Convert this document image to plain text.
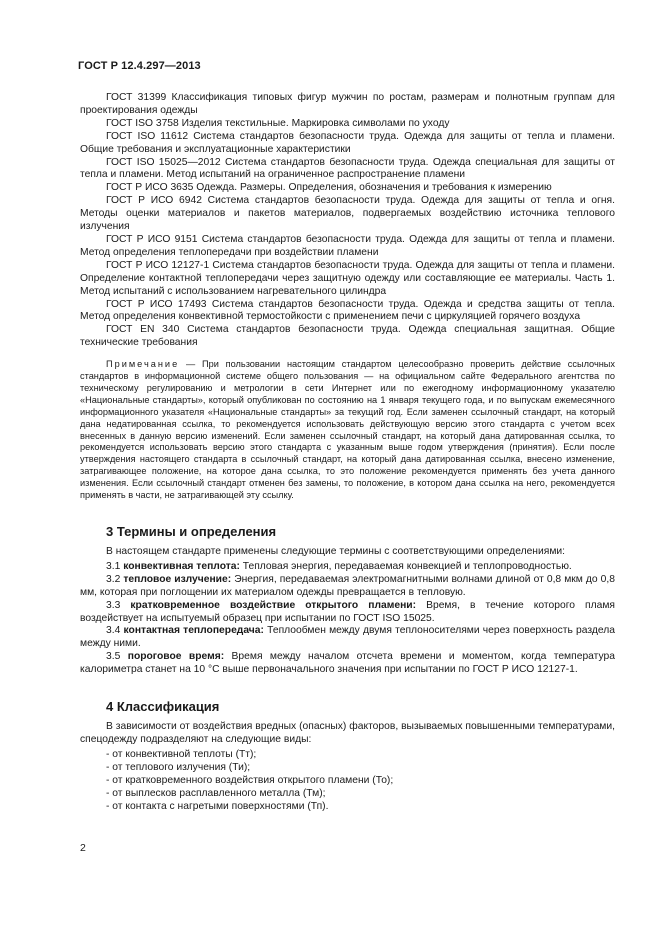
ГОСТ Р 12.4.297—2013

ГОСТ 31399 Классификация типовых фигур мужчин по ростам, размерам и полнотным группам для проектирования одежды

ГОСТ ISO 3758 Изделия текстильные. Маркировка символами по уходу

ГОСТ ISO 11612 Система стандартов безопасности труда. Одежда для защиты от тепла и пламени. Общие требования и эксплуатационные характеристики

ГОСТ ISO 15025—2012 Система стандартов безопасности труда. Одежда специальная для защиты от тепла и пламени. Метод испытаний на ограниченное распространение пламени

ГОСТ Р ИСО 3635 Одежда. Размеры. Определения, обозначения и требования к измерению

ГОСТ Р ИСО 6942 Система стандартов безопасности труда. Одежда для защиты от тепла и огня. Методы оценки материалов и пакетов материалов, подвергаемых воздействию источника теплового излучения

ГОСТ Р ИСО 9151 Система стандартов безопасности труда. Одежда для защиты от тепла и пламени. Метод определения теплопередачи при воздействии пламени

ГОСТ Р ИСО 12127-1 Система стандартов безопасности труда. Одежда для защиты от тепла и пламени. Определение контактной теплопередачи через защитную одежду или составляющие ее материалы. Часть 1. Метод испытаний с использованием нагревательного цилиндра

ГОСТ Р ИСО 17493 Система стандартов безопасности труда. Одежда и средства защиты от тепла. Метод определения конвективной термостойкости с применением печи с циркуляцией горячего воздуха

ГОСТ EN 340 Система стандартов безопасности труда. Одежда специальная защитная. Общие технические требования

Примечание — При пользовании настоящим стандартом целесообразно проверить действие ссылочных стандартов в информационной системе общего пользования — на официальном сайте Федерального агентства по техническому регулированию и метрологии в сети Интернет или по ежегодному информационному указателю «Национальные стандарты», который опубликован по состоянию на 1 января текущего года, и по выпускам ежемесячного информационного указателя «Национальные стандарты» за текущий год. Если заменен ссылочный стандарт, на который дана недатированная ссылка, то рекомендуется использовать действующую версию этого стандарта с учетом всех внесенных в данную версию изменений. Если заменен ссылочный стандарт, на который дана датированная ссылка, то рекомендуется использовать версию этого стандарта с указанным выше годом утверждения (принятия). Если после утверждения настоящего стандарта в ссылочный стандарт, на который дана датированная ссылка, внесено изменение, затрагивающее положение, на которое дана ссылка, то это положение рекомендуется применять без учета данного изменения. Если ссылочный стандарт отменен без замены, то положение, в котором дана ссылка на него, рекомендуется применять в части, не затрагивающей эту ссылку.
3 Термины и определения

В настоящем стандарте применены следующие термины с соответствующими определениями:

3.1 конвективная теплота: Тепловая энергия, передаваемая конвекцией и теплопроводностью.

3.2 тепловое излучение: Энергия, передаваемая электромагнитными волнами длиной от 0,8 мкм до 0,8 мм, которая при поглощении их материалом одежды превращается в тепловую.

3.3 кратковременное воздействие открытого пламени: Время, в течение которого пламя воздействует на испытуемый образец при испытании по ГОСТ ISO 15025.

3.4 контактная теплопередача: Теплообмен между двумя теплоносителями через поверхность раздела между ними.

3.5 пороговое время: Время между началом отсчета времени и моментом, когда температура калориметра станет на 10 °С выше первоначального значения при испытании по ГОСТ Р ИСО 12127-1.

4 Классификация

В зависимости от воздействия вредных (опасных) факторов, вызываемых повышенными температурами, спецодежду подразделяют на следующие виды:

- от конвективной теплоты (Тт);
- от теплового излучения (Ти);
- от кратковременного воздействия открытого пламени (То);
- от выплесков расплавленного металла (Тм);
- от контакта с нагретыми поверхностями (Тп).
2
